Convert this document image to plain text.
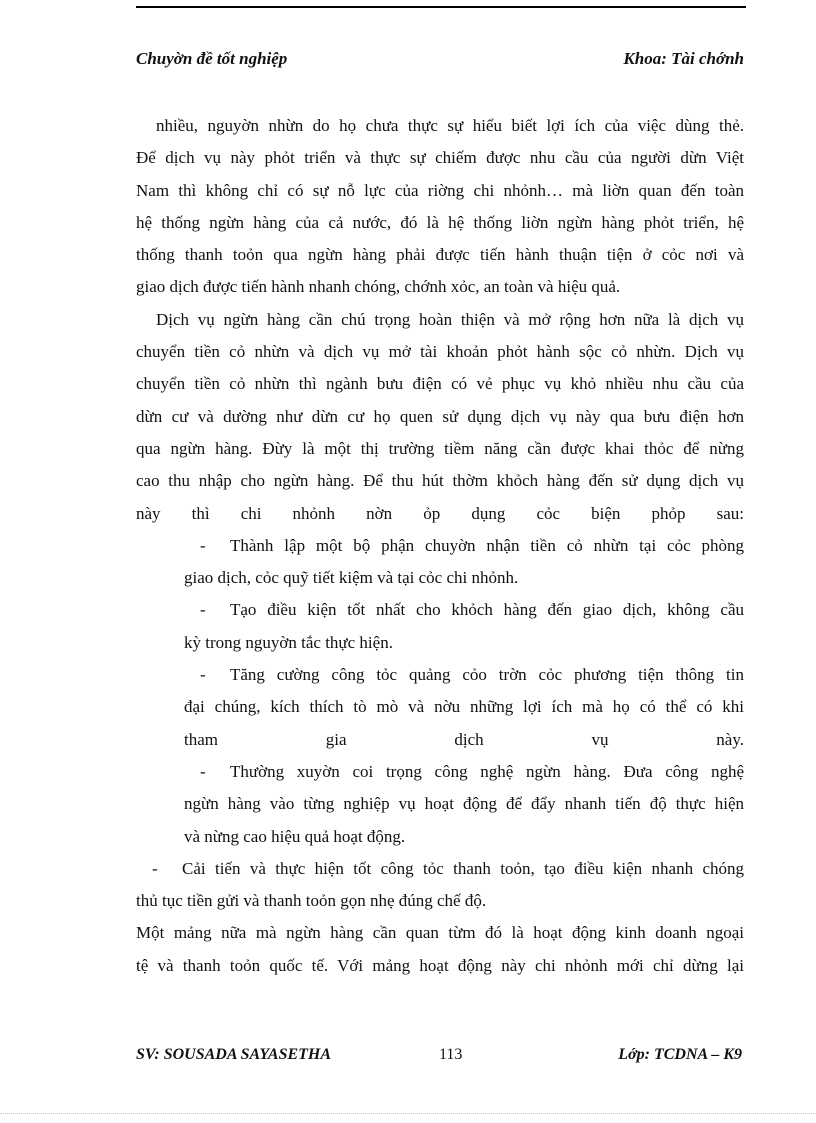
Chuyờn đề tốt nghiệp	Khoa: Tài chớnh
nhiều, nguyờn nhừn do họ chưa thực sự hiểu biết lợi ích của việc dùng thẻ.
Để dịch vụ này phỏt triển và thực sự chiếm được nhu cầu của người dừn Việt
Nam thì không chỉ có sự nỗ lực của riờng chi nhỏnh… mà liờn quan đến toàn
hệ thống ngừn hàng của cả nước, đó là hệ thống liờn ngừn hàng phỏt triển, hệ
thống thanh toỏn qua ngừn hàng phải được tiến hành thuận tiện ở cỏc nơi và
giao dịch được tiến hành nhanh chóng, chớnh xỏc, an toàn và hiệu quả.
Dịch vụ ngừn hàng cần chú trọng hoàn thiện và mở rộng hơn nữa là dịch vụ
chuyển tiền cỏ nhừn và dịch vụ mở tài khoản phỏt hành sộc cỏ nhừn. Dịch vụ
chuyển tiền cỏ nhừn thì ngành bưu điện có vẻ phục vụ khỏ nhiều nhu cầu của
dừn cư và dường như dừn cư họ quen sử dụng dịch vụ này qua bưu điện hơn
qua ngừn hàng. Đừy là một thị trường tiềm năng cần được khai thỏc để nừng
cao thu nhập cho ngừn hàng. Để thu hút thờm khỏch hàng đến sử dụng dịch vụ
này thì chi nhỏnh nờn ỏp dụng cỏc biện phỏp sau:
- Thành lập một bộ phận chuyờn nhận tiền cỏ nhừn tại cỏc phòng
giao dịch, cỏc quỹ tiết kiệm và tại cỏc chi nhỏnh.
- Tạo điều kiện tốt nhất cho khỏch hàng đến giao dịch, không cầu
kỳ trong nguyờn tắc thực hiện.
- Tăng cường công tỏc quảng cỏo trờn cỏc phương tiện thông tin
đại chúng, kích thích tò mò và nờu những lợi ích mà họ có thể có khi
tham gia dịch vụ này.
- Thường xuyờn coi trọng công nghệ ngừn hàng. Đưa công nghệ
ngừn hàng vào từng nghiệp vụ hoạt động để đẩy nhanh tiến độ thực hiện
và nừng cao hiệu quả hoạt động.
- Cải tiến và thực hiện tốt công tỏc thanh toỏn, tạo điều kiện nhanh chóng
thủ tục tiền gửi và thanh toỏn gọn nhẹ đúng chế độ.
Một mảng nữa mà ngừn hàng cần quan từm đó là hoạt động kinh doanh ngoại
tệ và thanh toỏn quốc tế. Với mảng hoạt động này chi nhỏnh mới chỉ dừng lại
SV: SOUSADA SAYASETHA	113	Lớp: TCDNA – K9
